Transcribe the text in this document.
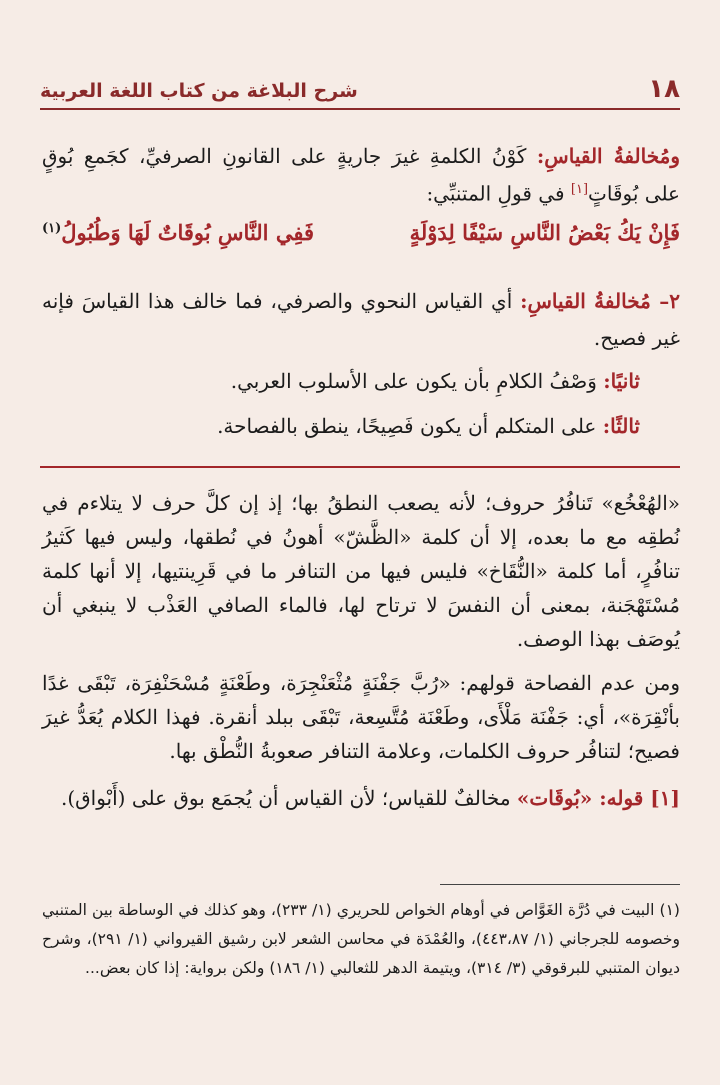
١٨
شرح البلاغة من كتاب اللغة العربية

ومُخالفةُ القياسِ: كَوْنُ الكلمةِ غيرَ جاريةٍ على القانونِ الصرفيِّ، كجَمعِ بُوقٍ على بُوقَاتٍ[١] في قولِ المتنبِّي:

فَإِنْ يَكُ بَعْضُ النَّاسِ سَيْفًا لِدَوْلَةٍ
فَفِي النَّاسِ بُوقَاتٌ لَهَا وَطُبُولُ$^{(١)}$

٢– مُخالفةُ القياسِ: أي القياس النحوي والصرفي، فما خالف هذا القياسَ فإنه غير فصيح.

ثانيًا: وَصْفُ الكلامِ بأن يكون على الأسلوب العربي.

ثالثًا: على المتكلم أن يكون فَصِيحًا، ينطق بالفصاحة.

«الهُعْخُع» تَنافُرُ حروف؛ لأنه يصعب النطقُ بها؛ إذ إن كلَّ حرف لا يتلاءم في نُطقِه مع ما بعده، إلا أن كلمة «الظَّشّ» أهونُ في نُطقها، وليس فيها كَثيرُ تنافُرٍ، أما كلمة «النُّقَاخ» فليس فيها من التنافر ما في قَرِينتيها، إلا أنها كلمة مُسْتَهْجَنة، بمعنى أن النفسَ لا ترتاح لها، فالماء الصافي العَذْب لا ينبغي أن يُوصَف بهذا الوصف.

ومن عدم الفصاحة قولهم: «رُبَّ جَفْنَةٍ مُثْعَنْجِرَة، وطَعْنَةٍ مُسْحَنْفِرَة، تَبْقَى غدًا بأنْقِرَة»، أي: جَفْنَة مَلْأَى، وطَعْنَة مُتَّسِعة، تَبْقَى ببلد أنقرة. فهذا الكلام يُعَدُّ غيرَ فصيح؛ لتنافُر حروف الكلمات، وعلامة التنافر صعوبةُ النُّطْق بها.

[١] قوله: «بُوقَات» مخالفٌ للقياس؛ لأن القياس أن يُجمَع بوق على (أَبْواق).

(١) البيت في دُرَّة الغَوَّاص في أوهام الخواص للحريري (١/ ٢٣٣)، وهو كذلك في الوساطة بين المتنبي وخصومه للجرجاني (١/ ٤٤٣،٨٧)، والعُمْدَة في محاسن الشعر لابن رشيق القيرواني (١/ ٢٩١)، وشرح ديوان المتنبي للبرقوقي (٣/ ٣١٤)، ويتيمة الدهر للثعالبي (١/ ١٨٦) ولكن برواية: إذا كان بعض...
